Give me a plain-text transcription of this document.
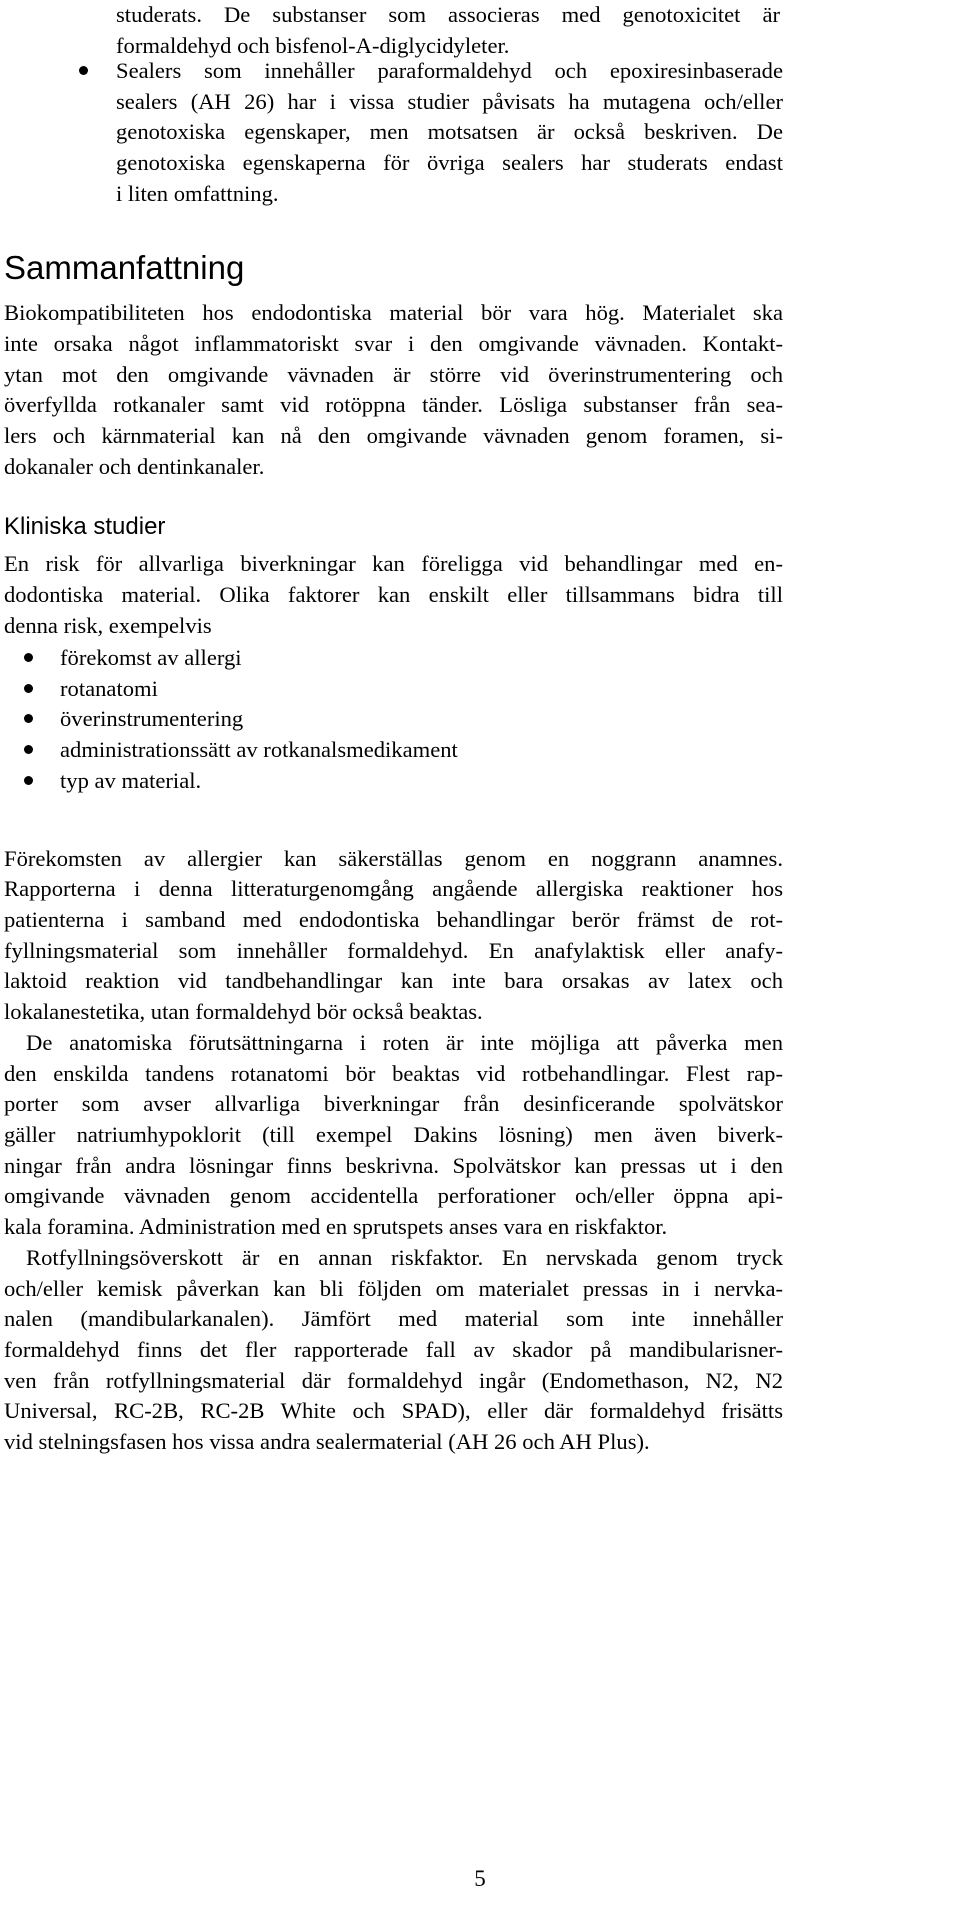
studerats. De substanser som associeras med genotoxicitet är
formaldehyd och bisfenol-A-diglycidyleter.
Sealers som innehåller paraformaldehyd och epoxiresinbaserade
sealers (AH 26) har i vissa studier påvisats ha mutagena och/eller
genotoxiska egenskaper, men motsatsen är också beskriven. De
genotoxiska egenskaperna för övriga sealers har studerats endast
i liten omfattning.
Sammanfattning
Biokompatibiliteten hos endodontiska material bör vara hög. Materialet ska
inte orsaka något inflammatoriskt svar i den omgivande vävnaden. Kontakt-
ytan mot den omgivande vävnaden är större vid överinstrumentering och
överfyllda rotkanaler samt vid rotöppna tänder. Lösliga substanser från sea-
lers och kärnmaterial kan nå den omgivande vävnaden genom foramen, si-
dokanaler och dentinkanaler.
Kliniska studier
En risk för allvarliga biverkningar kan föreligga vid behandlingar med en-
dodontiska material. Olika faktorer kan enskilt eller tillsammans bidra till
denna risk, exempelvis
förekomst av allergi
rotanatomi
överinstrumentering
administrationssätt av rotkanalsmedikament
typ av material.
Förekomsten av allergier kan säkerställas genom en noggrann anamnes.
Rapporterna i denna litteraturgenomgång angående allergiska reaktioner hos
patienterna i samband med endodontiska behandlingar berör främst de rot-
fyllningsmaterial som innehåller formaldehyd. En anafylaktisk eller anafy-
laktoid reaktion vid tandbehandlingar kan inte bara orsakas av latex och
lokalanestetika, utan formaldehyd bör också beaktas.
De anatomiska förutsättningarna i roten är inte möjliga att påverka men
den enskilda tandens rotanatomi bör beaktas vid rotbehandlingar. Flest rap-
porter som avser allvarliga biverkningar från desinficerande spolvätskor
gäller natriumhypoklorit (till exempel Dakins lösning) men även biverk-
ningar från andra lösningar finns beskrivna. Spolvätskor kan pressas ut i den
omgivande vävnaden genom accidentella perforationer och/eller öppna api-
kala foramina. Administration med en sprutspets anses vara en riskfaktor.
Rotfyllningsöverskott är en annan riskfaktor. En nervskada genom tryck
och/eller kemisk påverkan kan bli följden om materialet pressas in i nervka-
nalen (mandibularkanalen). Jämfört med material som inte innehåller
formaldehyd finns det fler rapporterade fall av skador på mandibularisner-
ven från rotfyllningsmaterial där formaldehyd ingår (Endomethason, N2, N2
Universal, RC-2B, RC-2B White och SPAD), eller där formaldehyd frisätts
vid stelningsfasen hos vissa andra sealermaterial (AH 26 och AH Plus).
5
